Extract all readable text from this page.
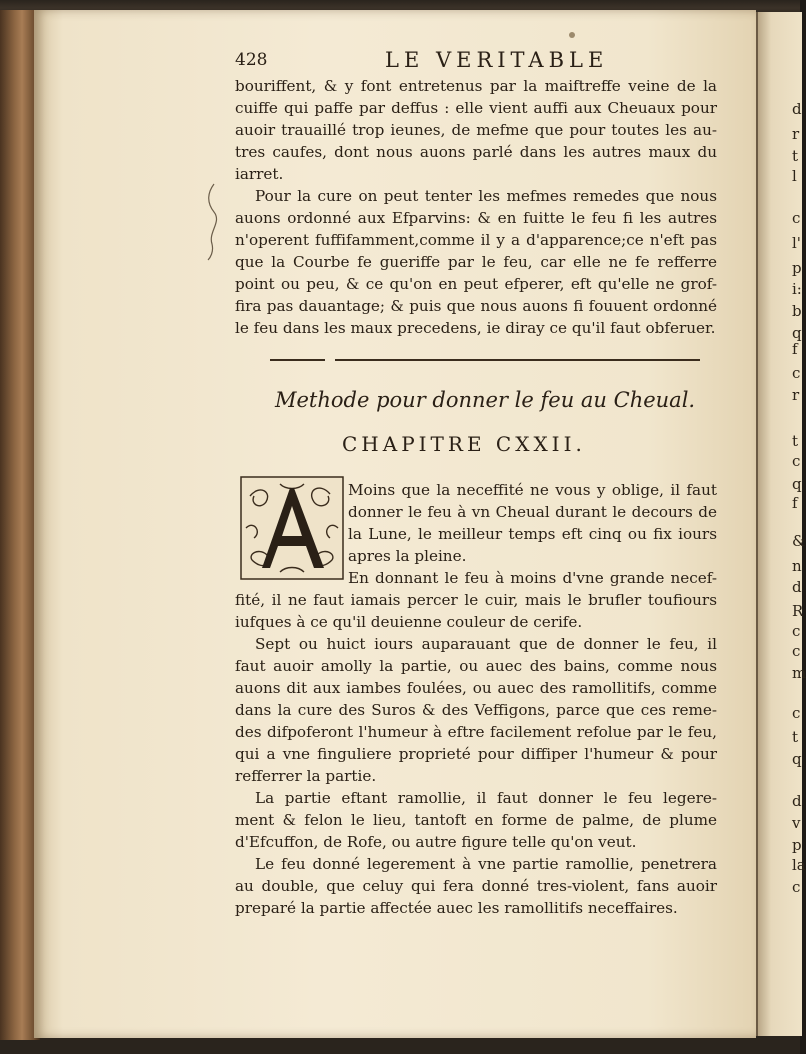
428	LE VERITABLE
bouriffent, & y font entretenus par la maiftreffe veine de la
cuiffe qui paffe par deffus : elle vient auffi aux Cheuaux pour
auoir trauaillé trop ieunes, de mefme que pour toutes les au-
tres caufes, dont nous auons parlé dans les autres maux du
iarret.
Pour la cure on peut tenter les mefmes remedes que nous
auons ordonné aux Efparvins: & en fuitte le feu fi les autres
n'operent fuffifamment,comme il y a d'apparence;ce n'eft pas
que la Courbe fe gueriffe par le feu, car elle ne fe refferre
point ou peu, & ce qu'on en peut efperer, eft qu'elle ne grof-
fira pas dauantage; & puis que nous auons fi fouuent ordonné
le feu dans les maux precedens, ie diray ce qu'il faut obferuer.
Methode pour donner le feu au Cheual.
CHAPITRE CXXII.
Moins que la neceffité ne vous y oblige, il faut
donner le feu à vn Cheual durant le decours de
la Lune, le meilleur temps eft cinq ou fix iours
apres la pleine.
En donnant le feu à moins d'vne grande necef-
fité, il ne faut iamais percer le cuir, mais le brufler toufiours
iufques à ce qu'il deuienne couleur de cerife.
Sept ou huict iours auparauant que de donner le feu, il
faut auoir amolly la partie, ou auec des bains, comme nous
auons dit aux iambes foulées, ou auec des ramollitifs, comme
dans la cure des Suros & des Veffigons, parce que ces reme-
des difpoferont l'humeur à eftre facilement refolue par le feu,
qui a vne finguliere proprieté pour diffiper l'humeur & pour
refferrer la partie.
La partie eftant ramollie, il faut donner le feu legere-
ment & felon le lieu, tantoft en forme de palme, de plume
d'Efcuffon, de Rofe, ou autre figure telle qu'on veut.
Le feu donné legerement à vne partie ramollie, penetrera
au double, que celuy qui fera donné tres-violent, fans auoir
preparé la partie affectée auec les ramollitifs neceffaires.
d
r
t
l
c
l'
p
i:
b
q
f
c
r
t
c
q
f
&
n
d
R
c
c
m
c
t
q
d
v
p
la
c
